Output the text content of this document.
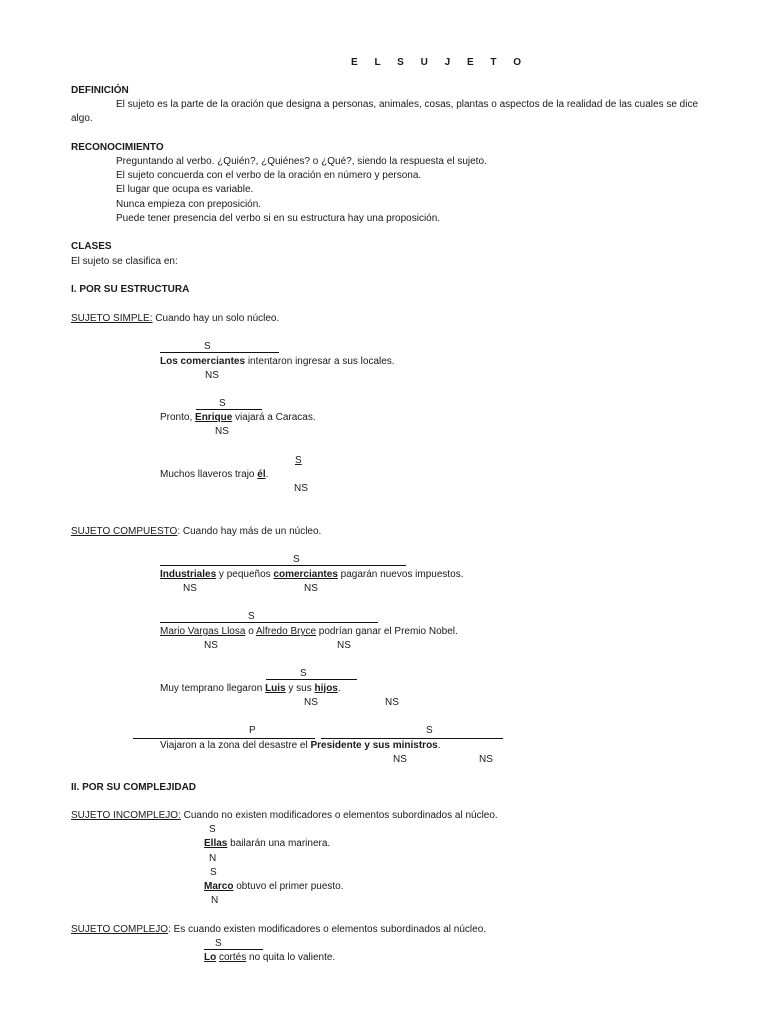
E L S U J E T O
DEFINICIÓN
El sujeto es la parte de la oración que designa a personas, animales, cosas, plantas o aspectos de la realidad de las cuales se dice algo.
RECONOCIMIENTO
Preguntando al verbo. ¿Quién?, ¿Quiénes? o ¿Qué?, siendo la respuesta el sujeto.
El sujeto concuerda con el verbo de la oración en número y persona.
El lugar que ocupa es variable.
Nunca empieza con preposición.
Puede tener presencia del verbo si en su estructura hay una proposición.
CLASES
El sujeto se clasifica en:
I. POR SU ESTRUCTURA
SUJETO SIMPLE: Cuando hay un solo núcleo.
S
Los comerciantes intentaron ingresar a sus locales.
NS
S
Pronto, Enrique viajará a Caracas.
NS
S
Muchos llaveros trajo él.
NS
SUJETO COMPUESTO: Cuando hay más de un núcleo.
S
Industriales y pequeños comerciantes pagarán nuevos impuestos.
NS	NS
S
Mario Vargas Llosa o Alfredo Bryce podrían ganar el Premio Nobel.
NS	NS
S
Muy temprano llegaron Luis y sus hijos.
NS	NS
P	S
Viajaron a la zona del desastre el Presidente y sus ministros.
NS	NS
II. POR SU COMPLEJIDAD
SUJETO INCOMPLEJO: Cuando no existen modificadores o elementos subordinados al núcleo.
S
Ellas bailarán una marinera.
N
S
Marco obtuvo el primer puesto.
N
SUJETO COMPLEJO: Es cuando existen modificadores o elementos subordinados al núcleo.
S
Lo cortés no quita lo valiente.
